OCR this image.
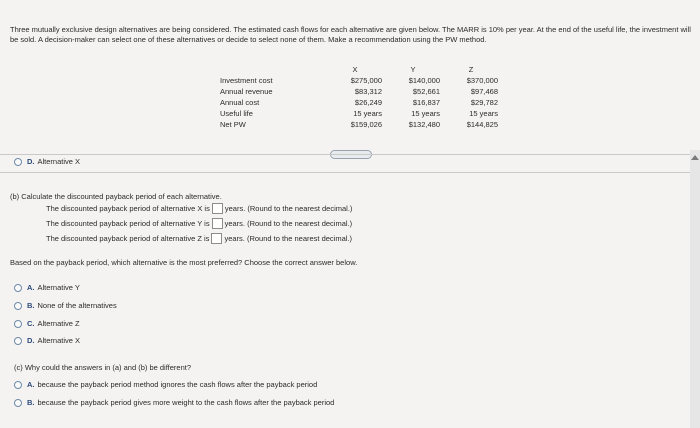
Three mutually exclusive design alternatives are being considered. The estimated cash flows for each alternative are given below. The MARR is 10% per year. At the end of the useful life, the investment will be sold. A decision-maker can select one of these alternatives or decide to select none of them. Make a recommendation using the PW method.
	X	Y	Z
Investment cost	$275,000	$140,000	$370,000
Annual revenue	$83,312	$52,661	$97,468
Annual cost	$26,249	$16,837	$29,782
Useful life	15 years	15 years	15 years
Net PW	$159,026	$132,480	$144,825
D. Alternative X
(b) Calculate the discounted payback period of each alternative.
The discounted payback period of alternative X is years. (Round to the nearest decimal.)
The discounted payback period of alternative Y is years. (Round to the nearest decimal.)
The discounted payback period of alternative Z is years. (Round to the nearest decimal.)
Based on the payback period, which alternative is the most preferred? Choose the correct answer below.
A. Alternative Y
B. None of the alternatives
C. Alternative Z
D. Alternative X
(c) Why could the answers in (a) and (b) be different?
A. because the payback period method ignores the cash flows after the payback period
B. because the payback period gives more weight to the cash flows after the payback period
